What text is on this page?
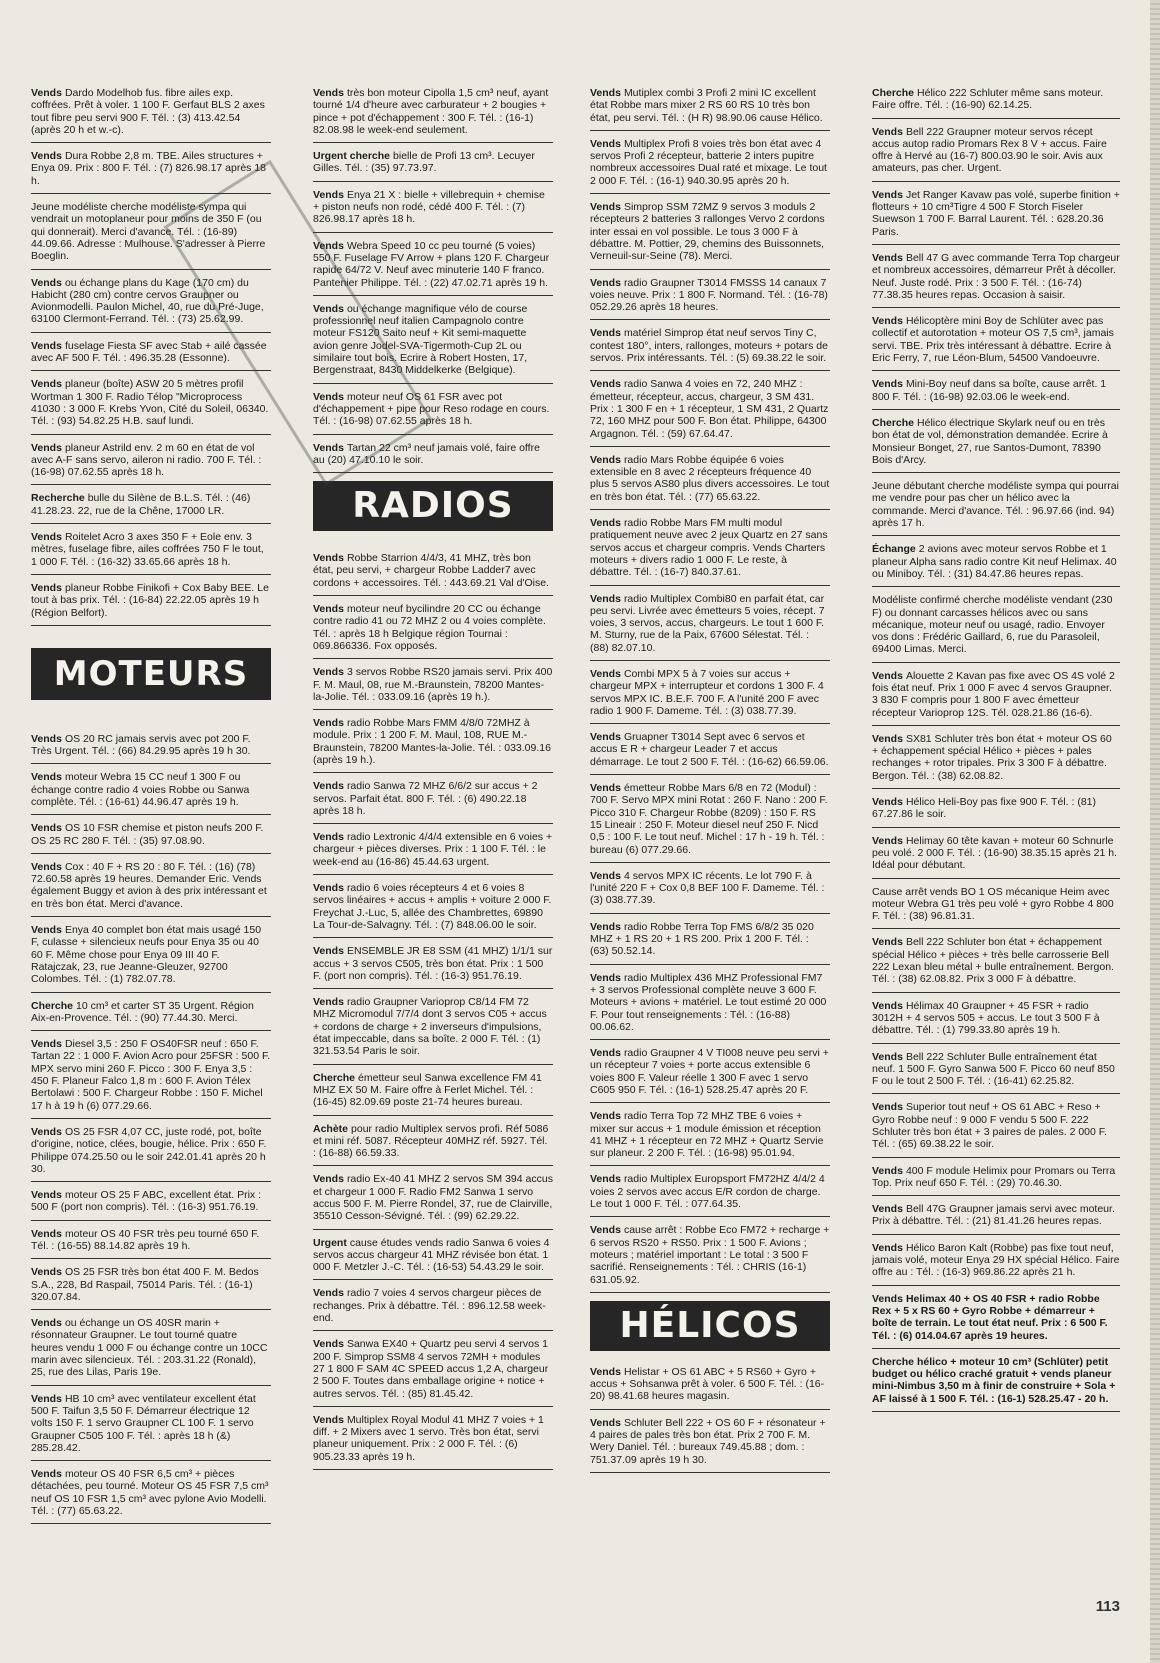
Vends Dardo Modelhob fus. fibre ailes exp. coffrées. Prêt à voler. 1 100 F. Gerfaut BLS 2 axes tout fibre peu servi 900 F. Tél. : (3) 413.42.54 (après 20 h et w.-c).
Vends Dura Robbe 2,8 m. TBE. Ailes structures + Enya 09. Prix : 800 F. Tél. : (7) 826.98.17 après 18 h.
Jeune modéliste cherche modéliste sympa qui vendrait un motoplaneur pour moins de 350 F (ou qui donnerait). Merci d'avance. Tél. : (16-89) 44.09.66. Adresse : Mulhouse. S'adresser à Pierre Boeglin.
Vends ou échange plans du Kage (170 cm) du Habicht (280 cm) contre cervos Graupner ou Avionmodelli. Paulon Michel, 40, rue du Pré-Juge, 63100 Clermont-Ferrand. Tél. : (73) 25.62.99.
Vends fuselage Fiesta SF avec Stab + ailé cassée avec AF 500 F. Tél. : 496.35.28 (Essonne).
Vends planeur (boîte) ASW 20 5 mètres profil Wortman 1 300 F. Radio Télop "Microprocess 41030 : 3 000 F. Krebs Yvon, Cité du Soleil, 06340. Tél. : (93) 54.82.25 H.B. sauf lundi.
Vends planeur Astrild env. 2 m 60 en état de vol avec A-F sans servo, aileron ni radio. 700 F. Tél. : (16-98) 07.62.55 après 18 h.
Recherche bulle du Silène de B.L.S. Tél. : (46) 41.28.23. 22, rue de la Chêne, 17000 LR.
Vends Roitelet Acro 3 axes 350 F + Eole env. 3 mètres, fuselage fibre, ailes coffrées 750 F le tout, 1 000 F. Tél. : (16-32) 33.65.66 après 18 h.
Vends planeur Robbe Finikofi + Cox Baby BEE. Le tout à bas prix. Tél. : (16-84) 22.22.05 après 19 h (Région Belfort).
MOTEURS
Vends OS 20 RC jamais servis avec pot 200 F. Très Urgent. Tél. : (66) 84.29.95 après 19 h 30.
Vends moteur Webra 15 CC neuf 1 300 F ou échange contre radio 4 voies Robbe ou Sanwa complète. Tél. : (16-61) 44.96.47 après 19 h.
Vends OS 10 FSR chemise et piston neufs 200 F. OS 25 RC 280 F. Tél. : (35) 97.08.90.
Vends Cox : 40 F + RS 20 : 80 F. Tél. : (16) (78) 72.60.58 après 19 heures. Demander Eric. Vends également Buggy et avion à des prix intéressant et en très bon état. Merci d'avance.
Vends Enya 40 complet bon état mais usagé 150 F, culasse + silencieux neufs pour Enya 35 ou 40 60 F. Même chose pour Enya 09 III 40 F. Ratajczak, 23, rue Jeanne-Gleuzer, 92700 Colombes. Tél. : (1) 782.07.78.
Cherche 10 cm³ et carter ST 35 Urgent. Région Aix-en-Provence. Tél. : (90) 77.44.30. Merci.
Vends Diesel 3,5 : 250 F OS40FSR neuf : 650 F. Tartan 22 : 1 000 F. Avion Acro pour 25FSR : 500 F. MPX servo mini 260 F. Picco : 300 F. Enya 3,5 : 450 F. Planeur Falco 1,8 m : 600 F. Avion Télex Bertolawi : 500 F. Chargeur Robbe : 150 F. Michel 17 h à 19 h (6) 077.29.66.
Vends OS 25 FSR 4,07 CC, juste rodé, pot, boîte d'origine, notice, clées, bougie, hélice. Prix : 650 F. Philippe 074.25.50 ou le soir 242.01.41 après 20 h 30.
Vends moteur OS 25 F ABC, excellent état. Prix : 500 F (port non compris). Tél. : (16-3) 951.76.19.
Vends moteur OS 40 FSR très peu tourné 650 F. Tél. : (16-55) 88.14.82 après 19 h.
Vends OS 25 FSR très bon état 400 F. M. Bedos S.A., 228, Bd Raspail, 75014 Paris. Tél. : (16-1) 320.07.84.
Vends ou échange un OS 40SR marin + résonnateur Graupner. Le tout tourné quatre heures vendu 1 000 F ou échange contre un 10CC marin avec silencieux. Tél. : 203.31.22 (Ronald), 25, rue des Lilas, Paris 19e.
Vends HB 10 cm³ avec ventilateur excellent état 500 F. Taifun 3,5 50 F. Démarreur électrique 12 volts 150 F. 1 servo Graupner CL 100 F. 1 servo Graupner C505 100 F. Tél. : après 18 h (&) 285.28.42.
Vends moteur OS 40 FSR 6,5 cm³ + pièces détachées, peu tourné. Moteur OS 45 FSR 7,5 cm³ neuf OS 10 FSR 1,5 cm³ avec pylone Avio Modelli. Tél. : (77) 65.63.22.
Vends très bon moteur Cipolla 1,5 cm³ neuf, ayant tourné 1/4 d'heure avec carburateur + 2 bougies + pince + pot d'échappement : 300 F. Tél. : (16-1) 82.08.98 le week-end seulement.
Urgent cherche bielle de Profi 13 cm³. Lecuyer Gilles. Tél. : (35) 97.73.97.
Vends Enya 21 X : bielle + villebrequin + chemise + piston neufs non rodé, cédé 400 F. Tél. : (7) 826.98.17 après 18 h.
Vends Webra Speed 10 cc peu tourné (5 voies) 550 F. Fuselage FV Arrow + plans 120 F. Chargeur rapide 64/72 V. Neuf avec minuterie 140 F franco. Pantenier Philippe. Tél. : (22) 47.02.71 après 19 h.
Vends ou échange magnifique vélo de course professionnel neuf italien Campagnolo contre moteur FS120 Saito neuf + Kit semi-maquette avion genre Jodel-SVA-Tigermoth-Cup 2L ou similaire tout bois. Ecrire à Robert Hosten, 17, Bergenstraat, 8430 Middelkerke (Belgique).
Vends moteur neuf OS 61 FSR avec pot d'échappement + pipe pour Reso rodage en cours. Tél. : (16-98) 07.62.55 après 18 h.
Vends Tartan 22 cm³ neuf jamais volé, faire offre au (20) 47.10.10 le soir.
RADIOS
Vends Robbe Starrion 4/4/3, 41 MHZ, très bon état, peu servi, + chargeur Robbe Ladder7 avec cordons + accessoires. Tél. : 443.69.21 Val d'Oise.
Vends moteur neuf bycilindre 20 CC ou échange contre radio 41 ou 72 MHZ 2 ou 4 voies complète. Tél. : après 18 h Belgique région Tournai : 069.866336. Fox opposés.
Vends 3 servos Robbe RS20 jamais servi. Prix 400 F. M. Maul, 08, rue M.-Braunstein, 78200 Mantes-la-Jolie. Tél. : 033.09.16 (après 19 h.).
Vends radio Robbe Mars FMM 4/8/0 72MHZ à module. Prix : 1 200 F. M. Maul, 108, RUE M.-Braunstein, 78200 Mantes-la-Jolie. Tél. : 033.09.16 (après 19 h.).
Vends radio Sanwa 72 MHZ 6/6/2 sur accus + 2 servos. Parfait état. 800 F. Tél. : (6) 490.22.18 après 18 h.
Vends radio Lextronic 4/4/4 extensible en 6 voies + chargeur + pièces diverses. Prix : 1 100 F. Tél. : le week-end au (16-86) 45.44.63 urgent.
Vends radio 6 voies récepteurs 4 et 6 voies 8 servos linéaires + accus + amplis + voiture 2 000 F. Freychat J.-Luc, 5, allée des Chambrettes, 69890 La Tour-de-Salvagny. Tél. : (7) 848.06.00 le soir.
Vends ENSEMBLE JR E8 SSM (41 MHZ) 1/1/1 sur accus + 3 servos C505, très bon état. Prix : 1 500 F. (port non compris). Tél. : (16-3) 951.76.19.
Vends radio Graupner Varioprop C8/14 FM 72 MHZ Micromodul 7/7/4 dont 3 servos C05 + accus + cordons de charge + 2 inverseurs d'impulsions, état impeccable, dans sa boîte. 2 000 F. Tél. : (1) 321.53.54 Paris le soir.
Cherche émetteur seul Sanwa excellence FM 41 MHZ EX 50 M. Faire offre à Ferlet Michel. Tél. : (16-45) 82.09.69 poste 21-74 heures bureau.
Achète pour radio Multiplex servos profi. Réf 5086 et mini réf. 5087. Récepteur 40MHZ réf. 5927. Tél. : (16-88) 66.59.33.
Vends radio Ex-40 41 MHZ 2 servos SM 394 accus et chargeur 1 000 F. Radio FM2 Sanwa 1 servo accus 500 F. M. Pierre Rondel, 37, rue de Clairville, 35510 Cesson-Sévigné. Tél. : (99) 62.29.22.
Urgent cause études vends radio Sanwa 6 voies 4 servos accus chargeur 41 MHZ révisée bon état. 1 000 F. Metzler J.-C. Tél. : (16-53) 54.43.29 le soir.
Vends radio 7 voies 4 servos chargeur pièces de rechanges. Prix à débattre. Tél. : 896.12.58 week-end.
Vends Sanwa EX40 + Quartz peu servi 4 servos 1 200 F. Simprop SSM8 4 servos 72MH + modules 27 1 800 F SAM 4C SPEED accus 1,2 A, chargeur 2 500 F. Toutes dans emballage origine + notice + autres servos. Tél. : (85) 81.45.42.
Vends Multiplex Royal Modul 41 MHZ 7 voies + 1 diff. + 2 Mixers avec 1 servo. Très bon état, servi planeur uniquement. Prix : 2 000 F. Tél. : (6) 905.23.33 après 19 h.
Vends Mutiplex combi 3 Profi 2 mini IC excellent état Robbe mars mixer 2 RS 60 RS 10 très bon état, peu servi. Tél. : (H R) 98.90.06 cause Hélico.
Vends Multiplex Profi 8 voies très bon état avec 4 servos Profi 2 récepteur, batterie 2 inters pupitre nombreux accessoires Dual raté et mixage. Le tout 2 000 F. Tél. : (16-1) 940.30.95 après 20 h.
Vends Simprop SSM 72MZ 9 servos 3 moduls 2 récepteurs 2 batteries 3 rallonges Vervo 2 cordons inter essai en vol possible. Le tous 3 000 F à débattre. M. Pottier, 29, chemins des Buissonnets, Verneuil-sur-Seine (78). Merci.
Vends radio Graupner T3014 FMSSS 14 canaux 7 voies neuve. Prix : 1 800 F. Normand. Tél. : (16-78) 052.29.26 après 18 heures.
Vends matériel Simprop état neuf servos Tiny C, contest 180°, inters, rallonges, moteurs + potars de servos. Prix intéressants. Tél. : (5) 69.38.22 le soir.
Vends radio Sanwa 4 voies en 72, 240 MHZ : émetteur, récepteur, accus, chargeur, 3 SM 431. Prix : 1 300 F en + 1 récepteur, 1 SM 431, 2 Quartz 72, 160 MHZ pour 500 F. Bon état. Philippe, 64300 Argagnon. Tél. : (59) 67.64.47.
Vends radio Mars Robbe équipée 6 voies extensible en 8 avec 2 récepteurs fréquence 40 plus 5 servos AS80 plus divers accessoires. Le tout en très bon état. Tél. : (77) 65.63.22.
Vends radio Robbe Mars FM multi modul pratiquement neuve avec 2 jeux Quartz en 27 sans servos accus et chargeur compris. Vends Charters moteurs + divers radio 1 000 F. Le reste, à débattre. Tél. : (16-7) 840.37.61.
Vends radio Multiplex Combi80 en parfait état, car peu servi. Livrée avec émetteurs 5 voies, récept. 7 voies, 3 servos, accus, chargeurs. Le tout 1 600 F. M. Sturny, rue de la Paix, 67600 Sélestat. Tél. : (88) 82.07.10.
Vends Combi MPX 5 à 7 voies sur accus + chargeur MPX + interrupteur et cordons 1 300 F. 4 servos MPX IC. B.E.F. 700 F. A l'unité 200 F avec radio 1 900 F. Dameme. Tél. : (3) 038.77.39.
Vends Gruapner T3014 Sept avec 6 servos et accus E R + chargeur Leader 7 et accus démarrage. Le tout 2 500 F. Tél. : (16-62) 66.59.06.
Vends émetteur Robbe Mars 6/8 en 72 (Modul) : 700 F. Servo MPX mini Rotat : 260 F. Nano : 200 F. Picco 310 F. Chargeur Robbe (8209) : 150 F. RS 15 Lineair : 250 F. Moteur diesel neuf 250 F. Nicd 0,5 : 100 F. Le tout neuf. Michel : 17 h - 19 h. Tél. : bureau (6) 077.29.66.
Vends 4 servos MPX IC récents. Le lot 790 F. à l'unité 220 F + Cox 0,8 BEF 100 F. Dameme. Tél. : (3) 038.77.39.
Vends radio Robbe Terra Top FMS 6/8/2 35 020 MHZ + 1 RS 20 + 1 RS 200. Prix 1 200 F. Tél. : (63) 50.52.14.
Vends radio Multiplex 436 MHZ Professional FM7 + 3 servos Professional complète neuve 3 600 F. Moteurs + avions + matériel. Le tout estimé 20 000 F. Pour tout renseignements : Tél. : (16-88) 00.06.62.
Vends radio Graupner 4 V TI008 neuve peu servi + un récepteur 7 voies + porte accus extensible 6 voies 800 F. Valeur réelle 1 300 F avec 1 servo C605 950 F. Tél. : (16-1) 528.25.47 après 20 F.
Vends radio Terra Top 72 MHZ TBE 6 voies + mixer sur accus + 1 module émission et réception 41 MHZ + 1 récepteur en 72 MHZ + Quartz Servie sur planeur. 2 200 F. Tél. : (16-98) 95.01.94.
Vends radio Multiplex Europsport FM72HZ 4/4/2 4 voies 2 servos avec accus E/R cordon de charge. Le tout 1 000 F. Tél. : 077.64.35.
Vends cause arrêt : Robbe Eco FM72 + recharge + 6 servos RS20 + RS50. Prix : 1 500 F. Avions ; moteurs ; matériel important : Le total : 3 500 F sacrifié. Renseignements : Tél. : CHRIS (16-1) 631.05.92.
HÉLICOS
Vends Helistar + OS 61 ABC + 5 RS60 + Gyro + accus + Sohsanwa prêt à voler. 6 500 F. Tél. : (16-20) 98.41.68 heures magasin.
Vends Schluter Bell 222 + OS 60 F + résonateur + 4 paires de pales très bon état. Prix 2 700 F. M. Wery Daniel. Tél. : bureaux 749.45.88 ; dom. : 751.37.09 après 19 h 30.
Cherche Hélico 222 Schluter même sans moteur. Faire offre. Tél. : (16-90) 62.14.25.
Vends Bell 222 Graupner moteur servos récept accus autop radio Promars Rex 8 V + accus. Faire offre à Hervé au (16-7) 800.03.90 le soir. Avis aux amateurs, pas cher. Urgent.
Vends Jet Ranger Kavaw pas volé, superbe finition + flotteurs + 10 cm³Tigre 4 500 F Storch Fiseler Suewson 1 700 F. Barral Laurent. Tél. : 628.20.36 Paris.
Vends Bell 47 G avec commande Terra Top chargeur et nombreux accessoires, démarreur Prêt à décoller. Neuf. Juste rodé. Prix : 3 500 F. Tél. : (16-74) 77.38.35 heures repas. Occasion à saisir.
Vends Hélicoptère mini Boy de Schlüter avec pas collectif et autorotation + moteur OS 7,5 cm³, jamais servi. TBE. Prix très intéressant à débattre. Ecrire à Eric Ferry, 7, rue Léon-Blum, 54500 Vandoeuvre.
Vends Mini-Boy neuf dans sa boîte, cause arrêt. 1 800 F. Tél. : (16-98) 92.03.06 le week-end.
Cherche Hélico électrique Skylark neuf ou en très bon état de vol, démonstration demandée. Ecrire à Monsieur Bonget, 27, rue Santos-Dumont, 78390 Bois d'Arcy.
Jeune débutant cherche modéliste sympa qui pourrai me vendre pour pas cher un hélico avec la commande. Merci d'avance. Tél. : 96.97.66 (ind. 94) après 17 h.
Échange 2 avions avec moteur servos Robbe et 1 planeur Alpha sans radio contre Kit neuf Helimax. 40 ou Miniboy. Tél. : (31) 84.47.86 heures repas.
Modéliste confirmé cherche modéliste vendant (230 F) ou donnant carcasses hélicos avec ou sans mécanique, moteur neuf ou usagé, radio. Envoyer vos dons : Frédéric Gaillard, 6, rue du Parasoleil, 69400 Limas. Merci.
Vends Alouette 2 Kavan pas fixe avec OS 4S volé 2 fois état neuf. Prix 1 000 F avec 4 servos Graupner. 3 830 F compris pour 1 800 F avec émetteur récepteur Varioprop 12S. Tél. 028.21.86 (16-6).
Vends SX81 Schluter très bon état + moteur OS 60 + échappement spécial Hélico + pièces + pales rechanges + rotor tripales. Prix 3 300 F à débattre. Bergon. Tél. : (38) 62.08.82.
Vends Hélico Heli-Boy pas fixe 900 F. Tél. : (81) 67.27.86 le soir.
Vends Helimay 60 tête kavan + moteur 60 Schnurle peu volé. 2 000 F. Tél. : (16-90) 38.35.15 après 21 h. Idéal pour débutant.
Cause arrêt vends BO 1 OS mécanique Heim avec moteur Webra G1 très peu volé + gyro Robbe 4 800 F. Tél. : (38) 96.81.31.
Vends Bell 222 Schluter bon état + échappement spécial Hélico + pièces + très belle carrosserie Bell 222 Lexan bleu métal + bulle entraînement. Bergon. Tél. : (38) 62.08.82. Prix 3 000 F à débattre.
Vends Hélimax 40 Graupner + 45 FSR + radio 3012H + 4 servos 505 + accus. Le tout 3 500 F à débattre. Tél. : (1) 799.33.80 après 19 h.
Vends Bell 222 Schluter Bulle entraînement état neuf. 1 500 F. Gyro Sanwa 500 F. Picco 60 neuf 850 F ou le tout 2 500 F. Tél. : (16-41) 62.25.82.
Vends Superior tout neuf + OS 61 ABC + Reso + Gyro Robbe neuf : 9 000 F vendu 5 500 F. 222 Schluter très bon état + 3 paires de pales. 2 000 F. Tél. : (65) 69.38.22 le soir.
Vends 400 F module Helimix pour Promars ou Terra Top. Prix neuf 650 F. Tél. : (29) 70.46.30.
Vends Bell 47G Graupner jamais servi avec moteur. Prix à débattre. Tél. : (21) 81.41.26 heures repas.
Vends Hélico Baron Kalt (Robbe) pas fixe tout neuf, jamais volé, moteur Enya 29 HX spécial Hélico. Faire offre au : Tél. : (16-3) 969.86.22 après 21 h.
Vends Helimax 40 + OS 40 FSR + radio Robbe Rex + 5 x RS 60 + Gyro Robbe + démarreur + boîte de terrain. Le tout état neuf. Prix : 6 500 F. Tél. : (6) 014.04.67 après 19 heures.
Cherche hélico + moteur 10 cm³ (Schlüter) petit budget ou hélico craché gratuit + vends planeur mini-Nimbus 3,50 m à finir de construire + Sola + AF laissé à 1 500 F. Tél. : (16-1) 528.25.47 - 20 h.
113
